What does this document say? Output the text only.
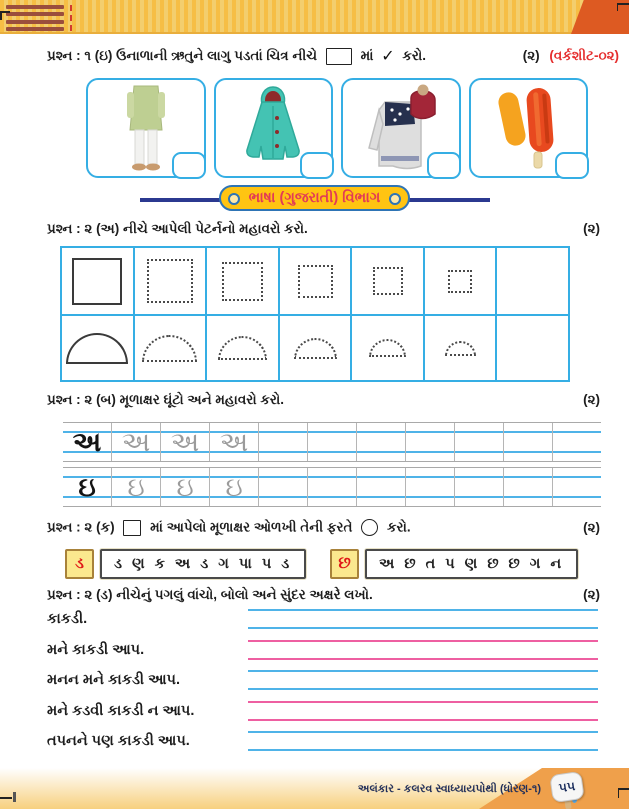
પ્રશ્ન : ૧ (ઇ) ઉનાળાની ઋતુને લાગુ પડતાં ચિત્ર નીચે	માં ✓ કરો.	(૨) (વર્કશીટ-૦૨)
ભાષા (ગુજરાતી) વિભાગ
પ્રશ્ન : ૨ (અ) નીચે આપેલી પેટર્નનો મહાવરો કરો.	(૨)
પ્રશ્ન : ૨ (બ) મૂળાક્ષર ઘૂંટો અને મહાવરો કરો.	(૨)
અ અ અ અ
ઇ	ઇ	ઇ	ઇ
પ્રશ્ન : ૨ (ક)	માં આપેલો મૂળાક્ષર ઓળખી તેની ફરતે	કરો.	(૨)
ડ	ડ ણ ક અ ડ ગ પા પ ડ	છ	અ છ ત પ ણ છ છ ગ ન
પ્રશ્ન : ૨ (ડ) નીચેનું પગલું વાંચો, બોલો અને સુંદર અક્ષરે લખો.	(૨)
કાકડી.
મને કાકડી આપ.
મનન મને કાકડી આપ.
મને કડવી કાકડી ન આપ.
તપનને પણ કાકડી આપ.
અલંકાર - કલરવ સ્વાધ્યાયપોથી (ધોરણ-૧)	૫૫
